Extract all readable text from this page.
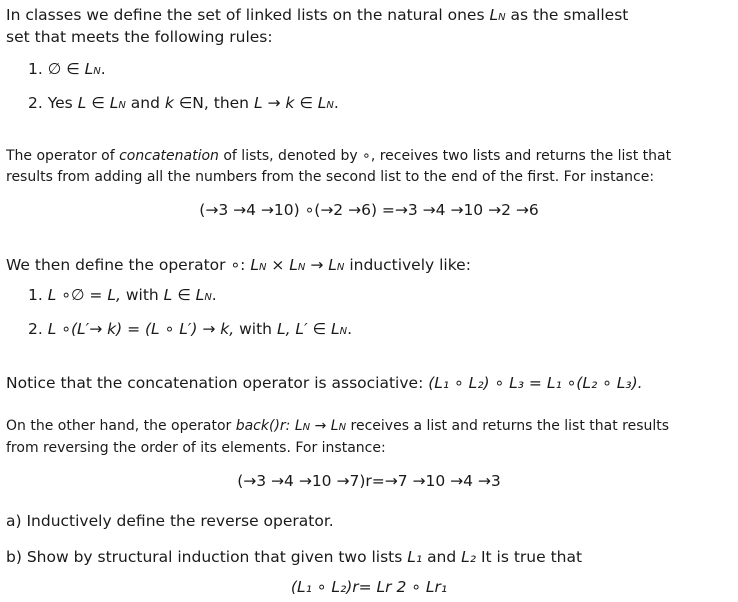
In classes we define the set of linked lists on the natural ones LN as the smallest
set that meets the following rules:
1. ∅ ∈ LN.
2. Yes L ∈ LN and k ∈N, then L → k ∈ LN.
The operator of concatenation of lists, denoted by ∘, receives two lists and returns the list that
results from adding all the numbers from the second list to the end of the first. For instance:
(→3 →4 →10) ∘(→2 →6) =→3 →4 →10 →2 →6
We then define the operator ∘: LN × LN → LN inductively like:
1. L ∘∅ = L, with L ∈ LN.
2. L ∘(L′→ k) = (L ∘ L′) → k, with L, L′ ∈ LN.
Notice that the concatenation operator is associative: (L₁ ∘ L₂) ∘ L₃ = L₁ ∘(L₂ ∘ L₃).
On the other hand, the operator back()r: LN → LN receives a list and returns the list that results
from reversing the order of its elements. For instance:
(→3 →4 →10 →7)r=→7 →10 →4 →3
a) Inductively define the reverse operator.
b) Show by structural induction that given two lists L₁ and L₂ It is true that
(L₁ ∘ L₂)r= Lr 2 ∘ Lr₁
